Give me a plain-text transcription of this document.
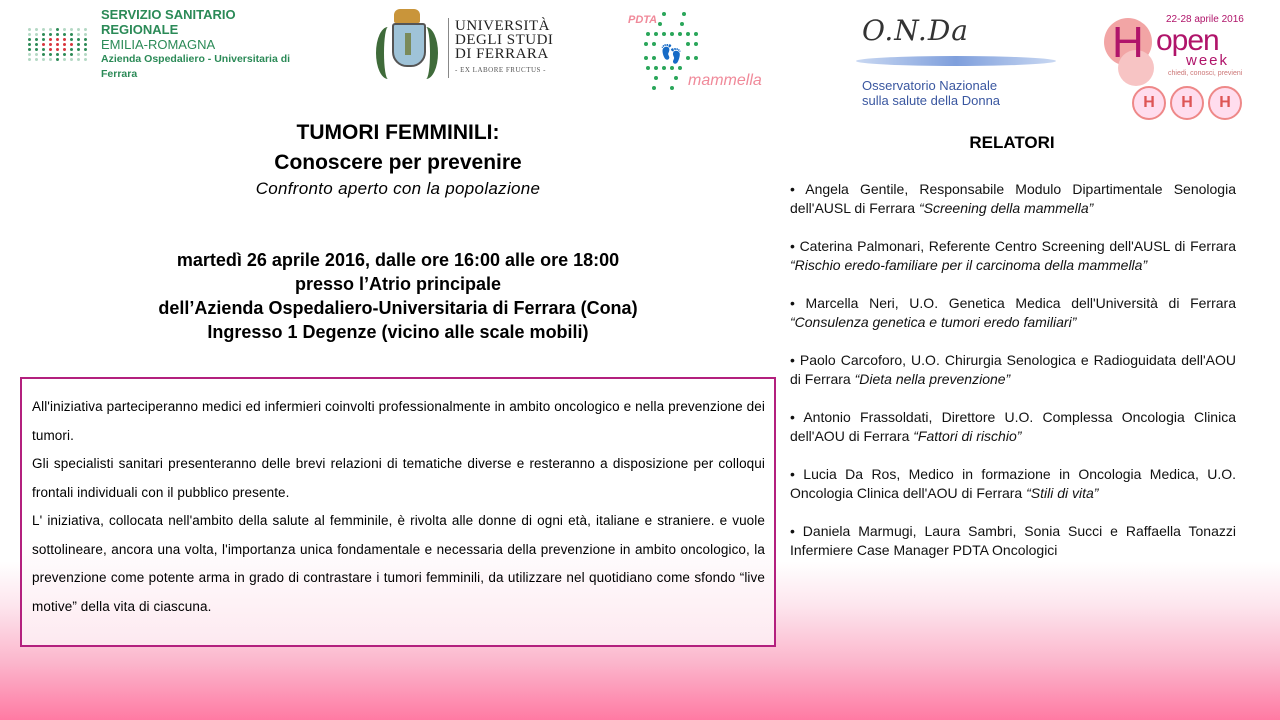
SERVIZIO SANITARIO REGIONALE
EMILIA-ROMAGNA
Azienda Ospedaliero - Universitaria di Ferrara
UNIVERSITÀ
DEGLI STUDI
DI FERRARA
- EX LABORE FRUCTUS -
👣
PDTA
mammella
O.N.Da
Osservatorio Nazionale
sulla salute della Donna
H 22-28 aprile 2016
open
week
chiedi, conosci, previeni
H	H	H
TUMORI FEMMINILI:
Conoscere per prevenire
Confronto aperto con la popolazione
martedì 26 aprile 2016, dalle ore 16:00 alle ore 18:00
presso l’Atrio principale
dell’Azienda Ospedaliero-Universitaria di Ferrara (Cona)
Ingresso 1 Degenze (vicino alle scale mobili)

All'iniziativa parteciperanno medici ed infermieri coinvolti professionalmente in ambito oncologico e nella prevenzione dei tumori.

Gli specialisti sanitari presenteranno delle brevi relazioni di tematiche diverse e resteranno a disposizione per colloqui frontali individuali con il pubblico presente.

L' iniziativa, collocata nell'ambito della salute al femminile, è rivolta alle donne di ogni età, italiane e straniere. e vuole sottolineare, ancora una volta, l'importanza unica fondamentale e necessaria della prevenzione in ambito oncologico, la prevenzione come potente arma in grado di contrastare i tumori femminili, da utilizzare nel quotidiano come sfondo “live motive” della vita di ciascuna.

RELATORI
• Angela Gentile, Responsabile Modulo Dipartimentale Senologia dell'AUSL di Ferrara “Screening della mammella”
• Caterina Palmonari, Referente Centro Screening dell'AUSL di Ferrara “Rischio eredo-familiare per il carcinoma della mammella”
• Marcella Neri, U.O. Genetica Medica dell'Università di Ferrara “Consulenza genetica e tumori eredo familiari”
• Paolo Carcoforo, U.O. Chirurgia Senologica e Radioguidata dell'AOU di Ferrara “Dieta nella prevenzione”
• Antonio Frassoldati, Direttore U.O. Complessa Oncologia Clinica dell'AOU di Ferrara “Fattori di rischio”
• Lucia Da Ros, Medico in formazione in Oncologia Medica, U.O. Oncologia Clinica dell'AOU di Ferrara “Stili di vita”
• Daniela Marmugi, Laura Sambri, Sonia Succi e Raffaella Tonazzi Infermiere Case Manager PDTA Oncologici
